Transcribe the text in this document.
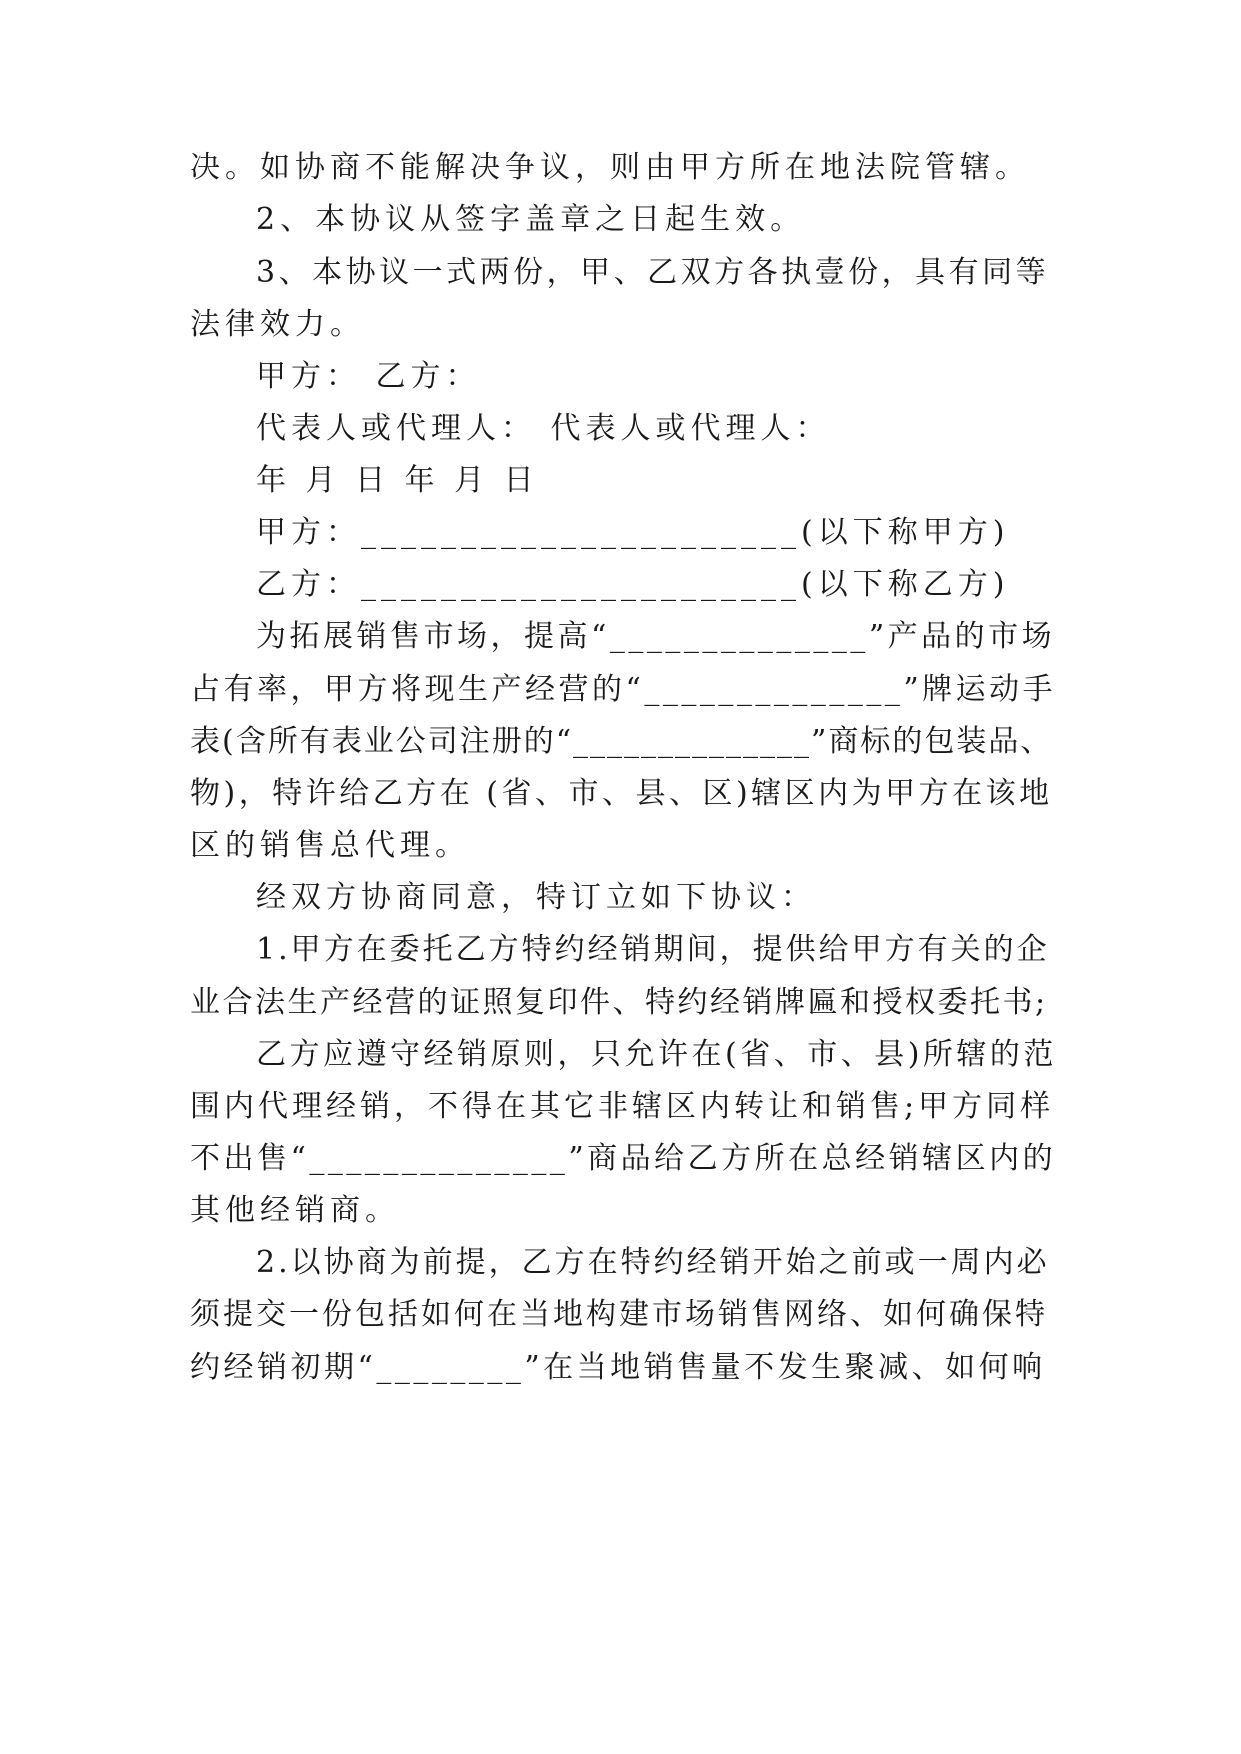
决。如协商不能解决争议，则由甲方所在地法院管辖。
2、本协议从签字盖章之日起生效。
3、本协议一式两份，甲、乙双方各执壹份，具有同等
法律效力。
甲方： 乙方：
代表人或代理人： 代表人或代理人：
年 月 日 年 月 日
甲方：______________________(以下称甲方)
乙方：______________________(以下称乙方)
为拓展销售市场，提高“______________”产品的市场
占有率，甲方将现生产经营的“______________”牌运动手
表(含所有表业公司注册的“______________”商标的包装品、
物)，特许给乙方在 (省、市、县、区)辖区内为甲方在该地
区的销售总代理。
经双方协商同意，特订立如下协议：
1.甲方在委托乙方特约经销期间，提供给甲方有关的企
业合法生产经营的证照复印件、特约经销牌匾和授权委托书;
乙方应遵守经销原则，只允许在(省、市、县)所辖的范
围内代理经销，不得在其它非辖区内转让和销售;甲方同样
不出售“______________”商品给乙方所在总经销辖区内的
其他经销商。
2.以协商为前提，乙方在特约经销开始之前或一周内必
须提交一份包括如何在当地构建市场销售网络、如何确保特
约经销初期“________”在当地销售量不发生聚减、如何响
